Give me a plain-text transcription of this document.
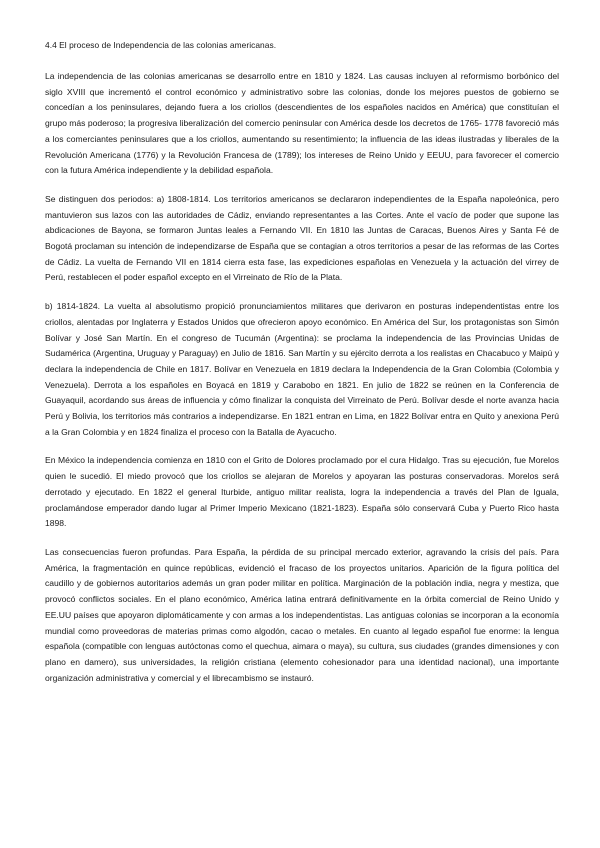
4.4 El proceso de Independencia de las colonias americanas.

La independencia de las colonias americanas se desarrollo entre en 1810 y 1824. Las causas incluyen al reformismo borbónico del siglo XVIII que incrementó el control económico y administrativo sobre las colonias, donde los mejores puestos de gobierno se concedían a los peninsulares, dejando fuera a los criollos (descendientes de los españoles nacidos en América) que constituían el grupo más poderoso; la progresiva liberalización del comercio peninsular con América desde los decretos de 1765- 1778 favoreció más a los comerciantes peninsulares que a los criollos, aumentando su resentimiento; la influencia de las ideas ilustradas y liberales de la Revolución Americana (1776) y la Revolución Francesa de (1789); los intereses de Reino Unido y EEUU, para favorecer el comercio con la futura América independiente y la debilidad española.

Se distinguen dos periodos: a) 1808-1814. Los territorios americanos se declararon independientes de la España napoleónica, pero mantuvieron sus lazos con las autoridades de Cádiz, enviando representantes a las Cortes. Ante el vacío de poder que supone las abdicaciones de Bayona, se formaron Juntas leales a Fernando VII. En 1810 las Juntas de Caracas, Buenos Aires y Santa Fé de Bogotá proclaman su intención de independizarse de España que se contagian a otros territorios a pesar de las reformas de las Cortes de Cádiz. La vuelta de Fernando VII en 1814 cierra esta fase, las expediciones españolas en Venezuela y la actuación del virrey de Perú, restablecen el poder español excepto en el Virreinato de Río de la Plata.

b) 1814-1824. La vuelta al absolutismo propició pronunciamientos militares que derivaron en posturas independentistas entre los criollos, alentadas por Inglaterra y Estados Unidos que ofrecieron apoyo económico. En América del Sur, los protagonistas son Simón Bolívar y José San Martín. En el congreso de Tucumán (Argentina): se proclama la independencia de las Provincias Unidas de Sudamérica (Argentina, Uruguay y Paraguay) en Julio de 1816. San Martín y su ejército derrota a los realistas en Chacabuco y Maipú y declara la independencia de Chile en 1817. Bolívar en Venezuela en 1819 declara la Independencia de la Gran Colombia (Colombia y Venezuela). Derrota a los españoles en Boyacá en 1819 y Carabobo en 1821. En julio de 1822 se reúnen en la Conferencia de Guayaquil, acordando sus áreas de influencia y cómo finalizar la conquista del Virreinato de Perú. Bolívar desde el norte avanza hacia Perú y Bolivia, los territorios más contrarios a independizarse. En 1821 entran en Lima, en 1822 Bolívar entra en Quito y anexiona Perú a la Gran Colombia y en 1824 finaliza el proceso con la Batalla de Ayacucho.

En México la independencia comienza en 1810 con el Grito de Dolores proclamado por el cura Hidalgo. Tras su ejecución, fue Morelos quien le sucedió. El miedo provocó que los criollos se alejaran de Morelos y apoyaran las posturas conservadoras. Morelos será derrotado y ejecutado. En 1822 el general Iturbide, antiguo militar realista, logra la independencia a través del Plan de Iguala, proclamándose emperador dando lugar al Primer Imperio Mexicano (1821-1823). España sólo conservará Cuba y Puerto Rico hasta 1898.

Las consecuencias fueron profundas. Para España, la pérdida de su principal mercado exterior, agravando la crisis del país. Para América, la fragmentación en quince repúblicas, evidenció el fracaso de los proyectos unitarios. Aparición de la figura política del caudillo y de gobiernos autoritarios además un gran poder militar en política. Marginación de la población india, negra y mestiza, que provocó conflictos sociales. En el plano económico, América latina entrará definitivamente en la órbita comercial de Reino Unido y EE.UU países que apoyaron diplomáticamente y con armas a los independentistas. Las antiguas colonias se incorporan a la economía mundial como proveedoras de materias primas como algodón, cacao o metales. En cuanto al legado español fue enorme: la lengua española (compatible con lenguas autóctonas como el quechua, aimara o maya), su cultura, sus ciudades (grandes dimensiones y con plano en damero), sus universidades, la religión cristiana (elemento cohesionador para una identidad nacional), una importante organización administrativa y comercial y el librecambismo se instauró.
